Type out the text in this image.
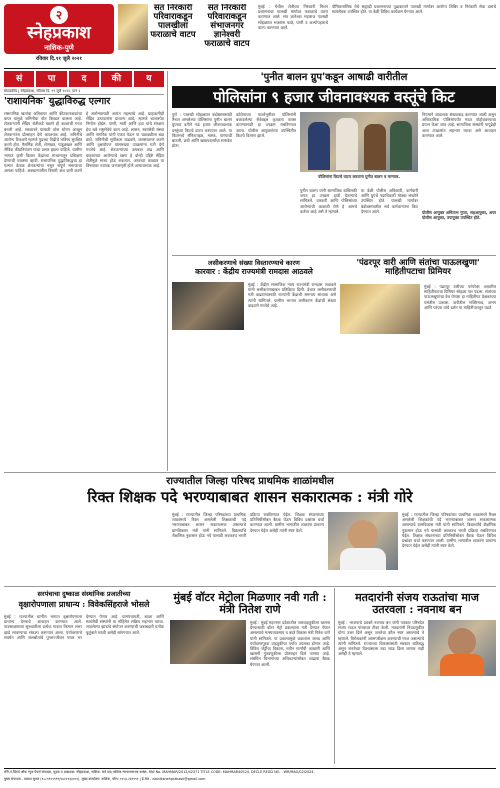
२
स्नेहप्रकाश
नाशिक-पुणे
रविवार दि.११ जुलै २०२१
संत निरंकारी परिवाराकडून पालखीला फराळाचे वाटप
संत निरंकारी परिवाराकडून संभाजनगर ज्ञानेश्वरी फराळाचे वाटप
मुंबई : येथील शेतीच्या निरंकारी मिशन प्रशासनाचा पालखी मार्गावर फराळाचे वाटप करण्यात आले. संत ज्ञानेश्वर महाराज पालखी सोहळ्यात भक्तांना फळे, पाणी व अल्पोपहाराचे वाटप करण्यात आले.
पौषिकनासिक येथे सह्याद्री प्रशासनाच्या पुढाकाराने पालखी मार्गावर आरोग्य शिबिर व निरंकारी सेवा दलाचे स्वयंसेवक उपस्थित होते. या वेळी विविध कार्यक्रम घेण्यात आले.
सं	पा	द	की	य
संपादकीय | स्नेहप्रकाश, रविवार दि. ११ जुलै २०२१, पान २
'राशायनिक' युद्धाविरुद्ध एल्गार
रासायनिक खतांचा अतिवापर आणि कीटकनाशकांचा वापर यामुळे जमिनीचा पोत बिघडत चालला आहे. शेतकऱ्यांनी सेंद्रिय शेतीकडे वळणे ही काळाची गरज बनली आहे. सरकारने यासाठी ठोस धोरण आखून शेतकऱ्यांना प्रोत्साहन देणे आवश्यक आहे. जमिनीचे आरोग्य टिकवणे म्हणजे पुढच्या पिढीचे भविष्य सुरक्षित करणे होय. नैसर्गिक शेती, शेणखत, गांडूळखत आणि जैविक कीडनियंत्रण यांचा प्रसार झाला पाहिजे. ग्रामीण भागात कृषी विज्ञान केंद्रांच्या माध्यमातून प्रशिक्षण देण्याची व्यवस्था व्हावी. रासायनिक युद्धाविरुद्धचा हा एल्गार केवळ शेतकऱ्यांचा नसून संपूर्ण समाजाचा असला पाहिजे. अन्नधान्यातील विषारी अंश कमी करणे हे आरोग्यासाठी अत्यंत महत्त्वाचे आहे. ग्राहकांनीही सेंद्रिय उत्पादनांना प्राधान्य द्यावे, म्हणजे बाजारपेठ निर्माण होईल. पाणी, माती आणि हवा यांचे संरक्षण हेच खरे राष्ट्रसेवेचे काम आहे. शासन, स्वयंसेवी संस्था आणि नागरिक यांनी एकत्र येऊन या चळवळीला बळ द्यावे. जमिनीची सुपीकता वाढवणे, जलसंधारण करणे आणि वृक्षारोपण यांसारख्या उपक्रमांना गती देणे गरजेचे आहे. शेतकऱ्यांच्या उत्पन्नात वाढ आणि ग्राहकांच्या आरोग्याचे रक्षण हे दोन्ही उद्दिष्टे सेंद्रिय शेतीमुळे साध्य होऊ शकतात. आजच्या काळात या विषयावर व्यापक जनजागृती होणे अत्यावश्यक आहे.
'पुनीत बालन ग्रुप'कडून आषाढी वारीतील
पोलिसांना ९ हजार जीवनावश्यक वस्तूंचे किट
पुणे : पालखी सोहळ्यात बंदोबस्तासाठी तैनात असलेल्या पोलिसांना पुनीत बालन ग्रुपच्या वतीने नऊ हजार जीवनावश्यक वस्तूंच्या किटचे वाटप करण्यात आले. या किटमध्ये सॅनिटायझर, मास्क, पाण्याची बाटली, छत्री आणि खाद्यपदार्थांचा समावेश होता.
कोरोनाच्या पार्श्वभूमीवर पोलिसांनी बजावलेल्या सेवेबद्दल कृतज्ञता व्यक्त करण्यासाठी हा उपक्रम राबविण्यात आला. पोलीस आयुक्तांच्या उपस्थितीत किटचे वितरण झाले.
पोलिसांना किटचे वाटप करताना पुनीत बालन व मान्यवर.
पुनीत बालन यांनी सामाजिक बांधिलकी जपत हा उपक्रम हाती घेतल्याचे सांगितले. वारकरी आणि पोलिसांच्या आरोग्याची काळजी घेणे हे आमचे कर्तव्य आहे असे ते म्हणाले.
या वेळी पोलीस अधिकारी, कर्मचारी आणि ग्रुपचे पदाधिकारी मोठ्या संख्येने उपस्थित होते. पालखी मार्गावर बंदोबस्तावरील सर्व कर्मचाऱ्यांना किट देण्यात आले.
नियमाने आवश्यक संख्यावाढ करण्यात आली असून अधिकाधिक पोलिसांपर्यंत मदत पोहोचवण्याचा प्रयत्न केला जात आहे. सामाजिक संस्थांनी यापुढेही अशा उपक्रमांत सहभाग घ्यावा असे आवाहन करण्यात आले.
पोलीस आयुक्त अमिताभ गुप्ता, सहआयुक्त, अपर पोलीस आयुक्त, उपायुक्त उपस्थित होते.
लसीकरणाचे संख्या विस्तारण्याचे कारण
कारवार : केंद्रीय राज्यमंत्री रामदास आठवले
मुंबई : केंद्रीय सामाजिक न्याय राज्यमंत्री रामदास आठवले यांनी लसीकरणाबाबत प्रतिक्रिया दिली. देशात लसीकरणाची गती वाढवण्यासाठी राज्यांनी केंद्राशी समन्वय साधावा असे त्यांनी सांगितले. ग्रामीण भागात लसीकरण केंद्रांची संख्या वाढवणे गरजेचे आहे.
'पंढरपूर वारी आणि संतांचा पाऊलखुणा' माहितीपटाचा प्रिमियर
मुंबई : पंढरपूर वारीच्या परंपरेवर आधारित माहितीपटाचा प्रिमियर सोहळा पार पडला. संतांच्या पाऊलखुणांचा वेध घेणारा हा माहितीपट प्रेक्षकांच्या पसंतीस उतरला. वारीतील भक्तिभाव, अभंग आणि परंपरा यांचे दर्शन या माहितीपटातून घडते.
राज्यातील जिल्हा परिषद प्राथमिक शाळांमधील
रिक्त शिक्षक पदे भरण्याबाबत शासन सकारात्मक : मंत्री गोरे
मुंबई : राज्यातील जिल्हा परिषदांच्या प्राथमिक शाळांमध्ये रिक्त असलेली शिक्षकांची पदे भरण्याबाबत शासन सकारात्मक असल्याचे ग्रामविकास मंत्री यांनी सांगितले. विद्यार्थ्यांचे शैक्षणिक नुकसान होऊ नये यासाठी लवकरच भरती प्रक्रिया राबविण्यात येईल. शिक्षक संघटनांच्या प्रतिनिधींसोबत बैठक घेऊन विविध प्रश्नांवर चर्चा करण्यात आली. ग्रामीण भागातील शाळांना प्राधान्य देण्यात येईल असेही त्यांनी स्पष्ट केले.
मुंबई : राज्यातील जिल्हा परिषदांच्या प्राथमिक शाळांमध्ये रिक्त असलेली शिक्षकांची पदे भरण्याबाबत शासन सकारात्मक असल्याचे ग्रामविकास मंत्री यांनी सांगितले. विद्यार्थ्यांचे शैक्षणिक नुकसान होऊ नये यासाठी लवकरच भरती प्रक्रिया राबविण्यात येईल. शिक्षक संघटनांच्या प्रतिनिधींसोबत बैठक घेऊन विविध प्रश्नांवर चर्चा करण्यात आली. ग्रामीण भागातील शाळांना प्राधान्य देण्यात येईल असेही त्यांनी स्पष्ट केले.
सरपंचाचा दुष्काळ संस्थांनिक प्रजातीच्या
वृक्षारोपणाला प्राधान्य : विवेकसिंहराजे भोसले
मुंबई : राज्यातील ग्रामीण भागात वृक्षारोपणाला प्राधान्य देण्याचे आवाहन करण्यात आले. पावसाळ्याच्या सुरुवातीला प्रत्येक गावात किमान शंभर झाडे लावण्याचा संकल्प करण्यात आला. पर्यावरणाचे संवर्धन आणि जलस्रोतांचे पुनरुज्जीवन यावर भर देण्यात येणार आहे. ग्रामपंचायती, शाळा आणि स्वयंसेवी संस्थांनी या मोहिमेत सक्रिय सहभाग घ्यावा. लावलेल्या झाडांचे संगोपन करण्याची जबाबदारी प्रत्येक कुटुंबाने घ्यावी असेही सांगण्यात आले.
मुंबई वॉटर मेट्रोला मिळणार नवी गती : मंत्री नितेश राणे
मुंबई : मुंबई महानगर प्रदेशातील जलवाहतुकीला चालना देण्यासाठी वॉटर मेट्रो प्रकल्पाला गती देण्यात येणार असल्याचे मत्स्यव्यवसाय व बंदरे विकास मंत्री नितेश राणे यांनी सांगितले. या प्रकल्पामुळे प्रवाशांना जलद आणि पर्यावरणपूरक वाहतुकीचा पर्याय उपलब्ध होणार आहे. विविध जेट्टींचा विकास, नवीन मार्गांची आखणी आणि खासगी गुंतवणुकीला प्रोत्साहन दिले जाणार आहे. संबंधित विभागांच्या अधिकाऱ्यांसोबत आढावा बैठक घेण्यात आली.
मतदारांनी संजय राऊतांचा माज उतरवला : नवनाथ बन
मुंबई : भाजपाचे प्रवक्ते नवनाथ बन यांनी पत्रकार परिषदेत संजय राऊत यांच्यावर टीका केली. मतदारांनी निवडणुकीत योग्य उत्तर दिले असून जनतेचा कौल स्पष्ट असल्याचे ते म्हणाले. विरोधकांनी आत्मपरीक्षण करण्याची गरज असल्याचे त्यांनी सांगितले. राज्याच्या विकासासाठी सरकार कटिबद्ध असून जनतेच्या विश्वासाला तडा जाऊ दिला जाणार नाही असेही ते म्हणाले.
रजि.नं.प्रिंटर्स ऑफ न्यूज पेपर्स संपादक, मुद्रक व प्रकाशक: स्नेहप्रकाश, नाशिक. सर्व वाद नाशिक न्यायालयाच्या कक्षेत. RNI No. MAHMAR/2012/42371 TITLE CODE: MAHMAR40524, DECLE REGD NO. - WR/MAG/02/2024.
मुख्य संपादक - प्रकाश सुतार (९८८९९९९९९९/९४२२१३३००१), मुख्य कार्यालय: नाशिक, फोन: ०२५३-२३९९९९ | ई-मेल - dainiksnehprakash@gmail.com
